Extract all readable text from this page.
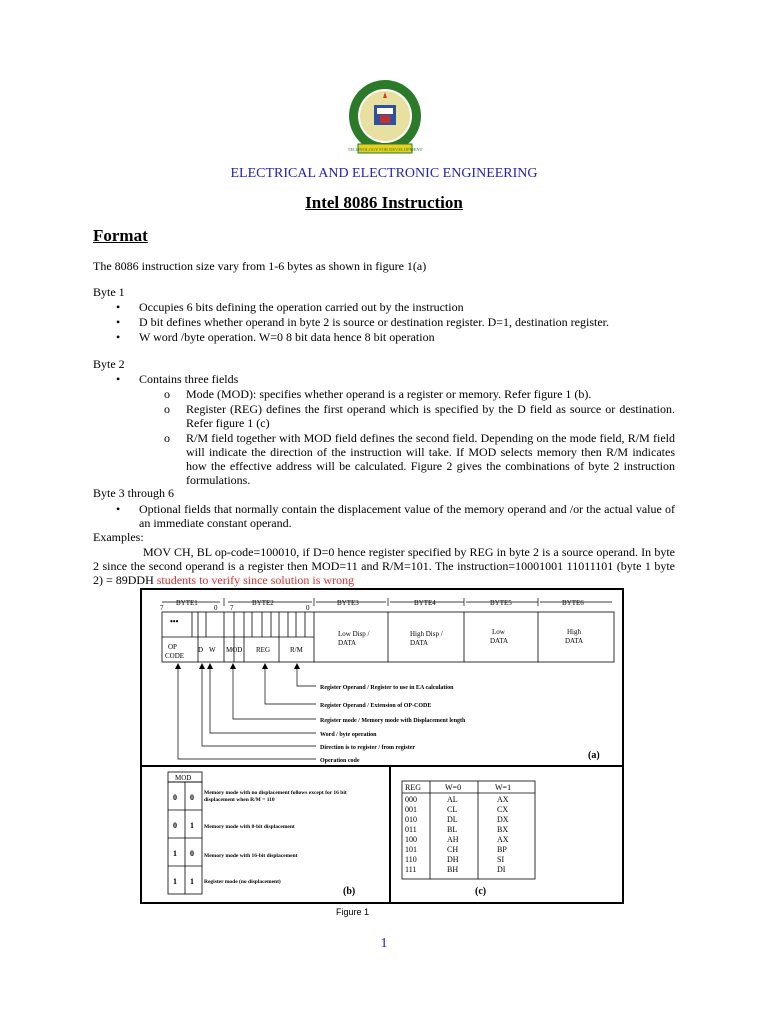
TECHNOLOGY FOR DEVELOPMENT
ELECTRICAL AND ELECTRONIC ENGINEERING
Intel 8086 Instruction
Format
The 8086 instruction size vary from 1-6 bytes as shown in figure 1(a)
Byte 1
• Occupies 6 bits defining the operation carried out by the instruction
• D bit defines whether operand in byte 2 is source or destination register. D=1, destination register.
• W word /byte operation. W=0 8 bit data hence 8 bit operation
Byte 2
• Contains three fields
o Mode (MOD): specifies whether operand is a register or memory. Refer figure 1 (b).
o Register (REG) defines the first operand which is specified by the D field as source or destination. Refer figure 1 (c)
o R/M field together with MOD field defines the second field. Depending on the mode field, R/M field will indicate the direction of the instruction will take. If MOD selects memory then R/M indicates how the effective address will be calculated. Figure 2 gives the combinations of byte 2 instruction formulations.
Byte 3 through 6
• Optional fields that normally contain the displacement value of the memory operand and /or the actual value of an immediate constant operand.
Examples:
MOV CH, BL op-code=100010, if D=0 hence register specified by REG in byte 2 is a source operand. In byte 2 since the second operand is a register then MOD=11 and R/M=101. The instruction=10001001 11011101 (byte 1 byte 2) = 89DDH students to verify since solution is wrong
BYTE1	BYTE2	BYTE3	BYTE4	BYTE5	BYTE6
7	0 7	0
•••
OP
CODE
D W MOD REG	R/M
Low Disp /
DATA
High Disp /
DATA
Low
DATA
High
DATA
Register Operand / Register to use in EA calculation
Register Operand / Extension of OP-CODE
Register mode / Memory mode with Displacement length
Word / byte operation
Direction is to register / from register
Operation code	(a)
MOD
0 0
0 1
1 0
1 1
Memory mode with no displacement follows except for 16 bit
displacement when R/M = 110
Memory mode with 8-bit displacement
Memory mode with 16-bit displacement
Register mode (no displacement)
(b)
REG	W=0	W=1
000	AL	AX
001	CL	CX
010	DL	DX
011	BL	BX
100	AH	AX
101	CH	BP
110	DH	SI
111	BH	DI
(c)
Figure 1
1
